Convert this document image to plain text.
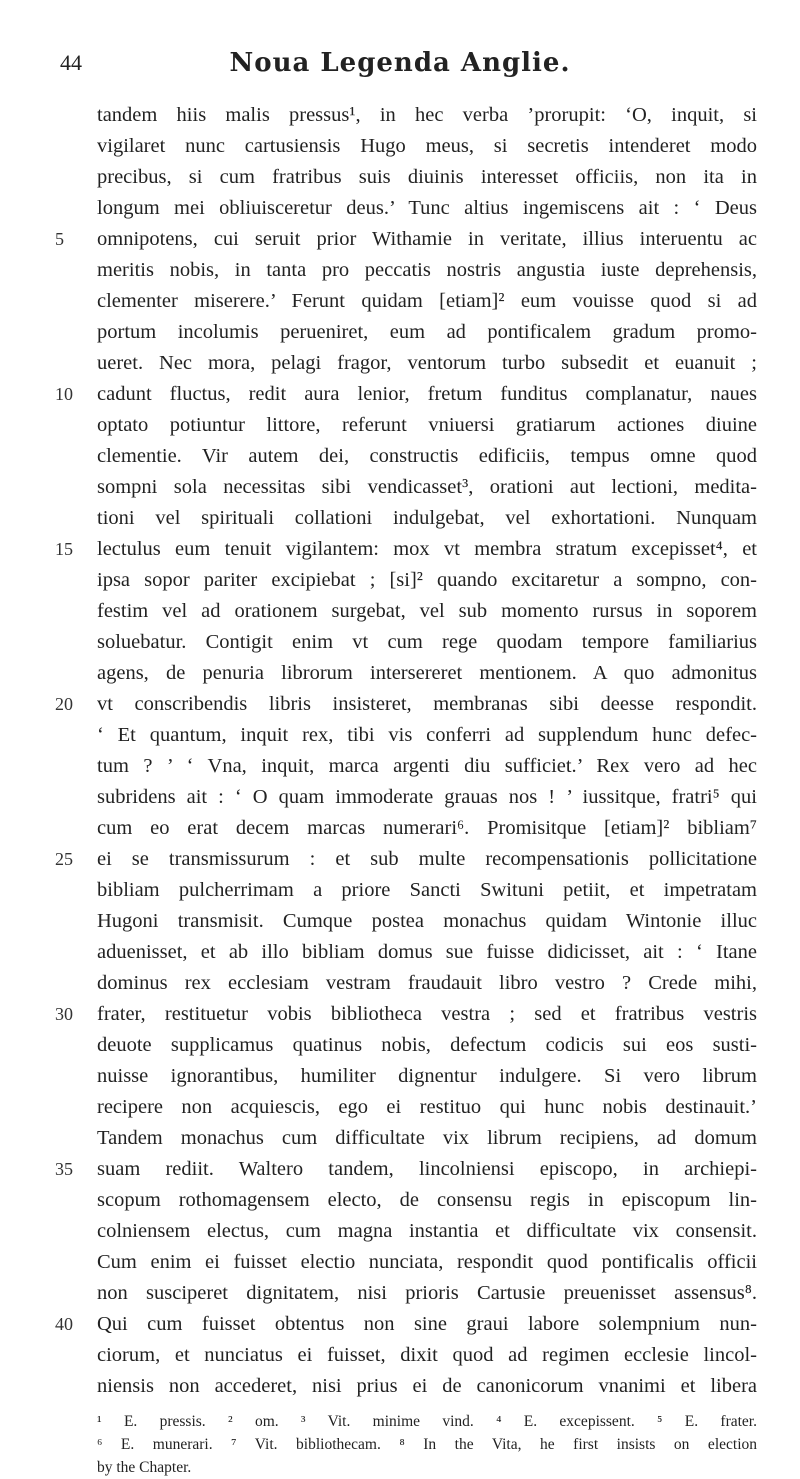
44	Noua Legenda Anglie.
tandem hiis malis pressus¹, in hec verba ’prorupit: ‘O, inquit, si
vigilaret nunc cartusiensis Hugo meus, si secretis intenderet modo
precibus, si cum fratribus suis diuinis interesset officiis, non ita in
longum mei obliuisceretur deus.’ Tunc altius ingemiscens ait : ‘ Deus
5	omnipotens, cui seruit prior Withamie in veritate, illius interuentu ac
meritis nobis, in tanta pro peccatis nostris angustia iuste deprehensis,
clementer miserere.’ Ferunt quidam [etiam]² eum vouisse quod si ad
portum incolumis perueniret, eum ad pontificalem gradum promo-
ueret. Nec mora, pelagi fragor, ventorum turbo subsedit et euanuit ;
10	cadunt fluctus, redit aura lenior, fretum funditus complanatur, naues
optato potiuntur littore, referunt vniuersi gratiarum actiones diuine
clementie. Vir autem dei, constructis edificiis, tempus omne quod
sompni sola necessitas sibi vendicasset³, orationi aut lectioni, medita-
tioni vel spirituali collationi indulgebat, vel exhortationi. Nunquam
15	lectulus eum tenuit vigilantem: mox vt membra stratum excepisset⁴, et
ipsa sopor pariter excipiebat ; [si]² quando excitaretur a sompno, con-
festim vel ad orationem surgebat, vel sub momento rursus in soporem
soluebatur. Contigit enim vt cum rege quodam tempore familiarius
agens, de penuria librorum intersereret mentionem. A quo admonitus
20	vt conscribendis libris insisteret, membranas sibi deesse respondit.
‘ Et quantum, inquit rex, tibi vis conferri ad supplendum hunc defec-
tum ? ’ ‘ Vna, inquit, marca argenti diu sufficiet.’ Rex vero ad hec
subridens ait : ‘ O quam immoderate grauas nos ! ’ iussitque, fratri⁵ qui
cum eo erat decem marcas numerari⁶. Promisitque [etiam]² bibliam⁷
25	ei se transmissurum : et sub multe recompensationis pollicitatione
bibliam pulcherrimam a priore Sancti Swituni petiit, et impetratam
Hugoni transmisit. Cumque postea monachus quidam Wintonie illuc
aduenisset, et ab illo bibliam domus sue fuisse didicisset, ait : ‘ Itane
dominus rex ecclesiam vestram fraudauit libro vestro ? Crede mihi,
30	frater, restituetur vobis bibliotheca vestra ; sed et fratribus vestris
deuote supplicamus quatinus nobis, defectum codicis sui eos susti-
nuisse ignorantibus, humiliter dignentur indulgere. Si vero librum
recipere non acquiescis, ego ei restituo qui hunc nobis destinauit.’
Tandem monachus cum difficultate vix librum recipiens, ad domum
35	suam rediit. Waltero tandem, lincolniensi episcopo, in archiepi-
scopum rothomagensem electo, de consensu regis in episcopum lin-
colniensem electus, cum magna instantia et difficultate vix consensit.
Cum enim ei fuisset electio nunciata, respondit quod pontificalis officii
non susciperet dignitatem, nisi prioris Cartusie preuenisset assensus⁸.
40	Qui cum fuisset obtentus non sine graui labore solempnium nun-
ciorum, et nunciatus ei fuisset, dixit quod ad regimen ecclesie lincol-
niensis non accederet, nisi prius ei de canonicorum vnanimi et libera
¹ E. pressis. ² om. ³ Vit. minime vind. ⁴ E. excepissent. ⁵ E. frater.
⁶ E. munerari. ⁷ Vit. bibliothecam. ⁸ In the Vita, he first insists on election
by the Chapter.
